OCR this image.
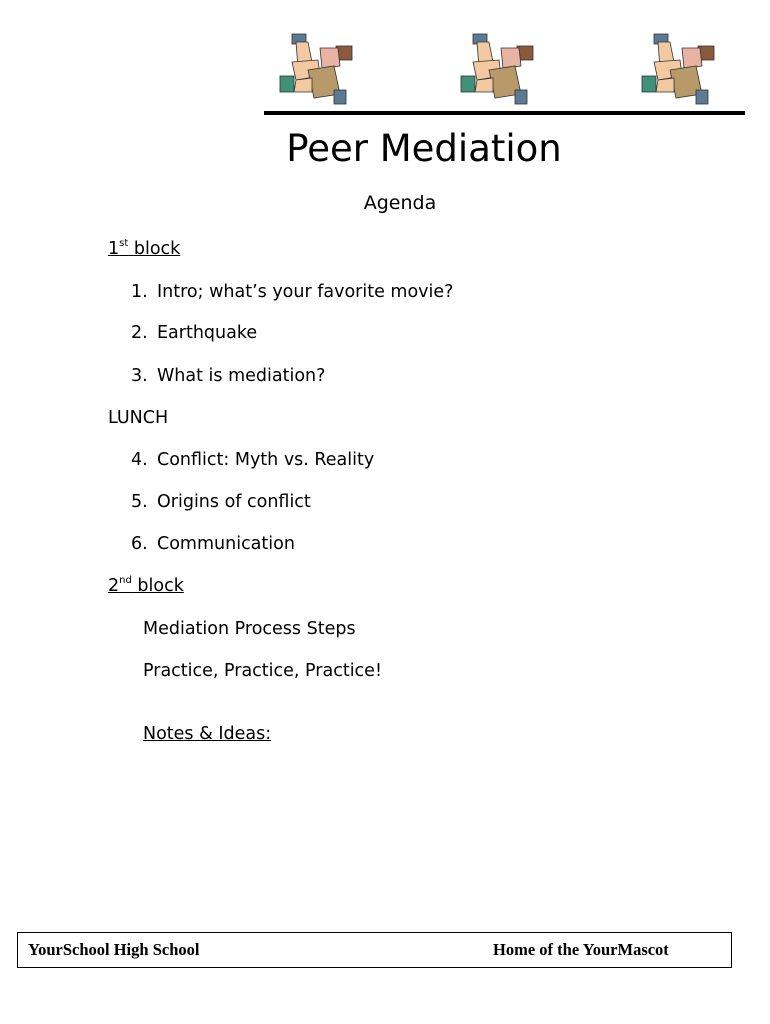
Peer Mediation
Agenda
1st block
1. Intro; what’s your favorite movie?
2. Earthquake
3. What is mediation?
LUNCH
4. Conflict: Myth vs. Reality
5. Origins of conflict
6. Communication
2nd block
Mediation Process Steps
Practice, Practice, Practice!
Notes & Ideas:
YourSchool High School	Home of the YourMascot
